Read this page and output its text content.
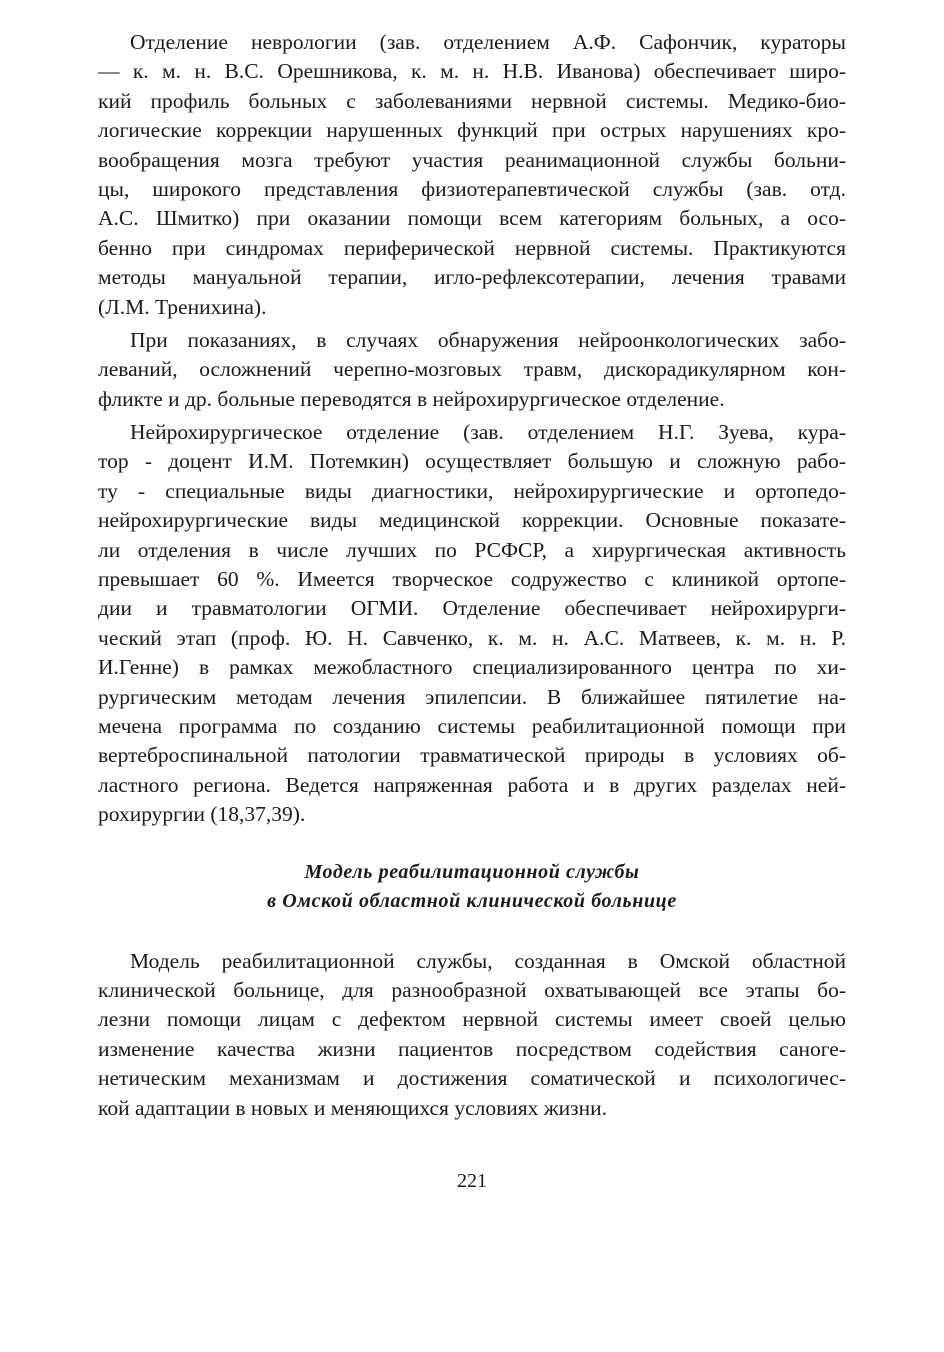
Отделение неврологии (зав. отделением А.Ф. Сафончик, кураторы
— к. м. н. В.С. Орешникова, к. м. н. Н.В. Иванова) обеспечивает широ-
кий профиль больных с заболеваниями нервной системы. Медико-био-
логические коррекции нарушенных функций при острых нарушениях кро-
вообращения мозга требуют участия реанимационной службы больни-
цы, широкого представления физиотерапевтической службы (зав. отд.
А.С. Шмитко) при оказании помощи всем категориям больных, а осо-
бенно при синдромах периферической нервной системы. Практикуются
методы мануальной терапии, игло-рефлексотерапии, лечения травами
(Л.М. Тренихина).
При показаниях, в случаях обнаружения нейроонкологических забо-
леваний, осложнений черепно-мозговых травм, дискорадикулярном кон-
фликте и др. больные переводятся в нейрохирургическое отделение.
Нейрохирургическое отделение (зав. отделением Н.Г. Зуева, кура-
тор - доцент И.М. Потемкин) осуществляет большую и сложную рабо-
ту - специальные виды диагностики, нейрохирургические и ортопедо-
нейрохирургические виды медицинской коррекции. Основные показате-
ли отделения в числе лучших по РСФСР, а хирургическая активность
превышает 60 %. Имеется творческое содружество с клиникой ортопе-
дии и травматологии ОГМИ. Отделение обеспечивает нейрохирурги-
ческий этап (проф. Ю. Н. Савченко, к. м. н. А.С. Матвеев, к. м. н. Р.
И.Генне) в рамках межобластного специализированного центра по хи-
рургическим методам лечения эпилепсии. В ближайшее пятилетие на-
мечена программа по созданию системы реабилитационной помощи при
вертеброспинальной патологии травматической природы в условиях об-
ластного региона. Ведется напряженная работа и в других разделах ней-
рохирургии (18,37,39).
Модель реабилитационной службы
в Омской областной клинической больнице
Модель реабилитационной службы, созданная в Омской областной
клинической больнице, для разнообразной охватывающей все этапы бо-
лезни помощи лицам с дефектом нервной системы имеет своей целью
изменение качества жизни пациентов посредством содействия саноге-
нетическим механизмам и достижения соматической и психологичес-
кой адаптации в новых и меняющихся условиях жизни.
221
